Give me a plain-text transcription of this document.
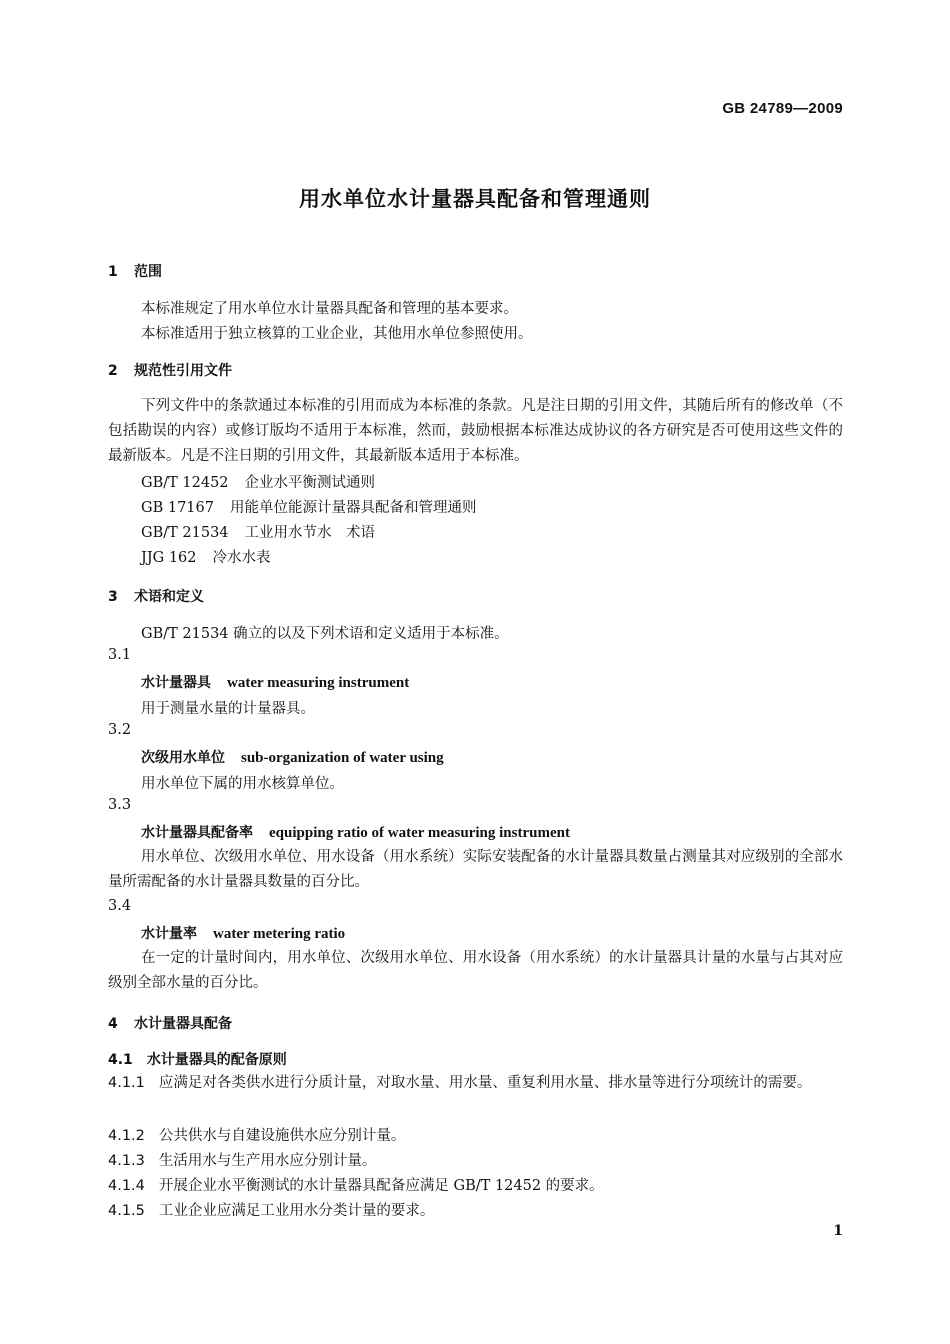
GB 24789—2009
用水单位水计量器具配备和管理通则
1 范围
本标准规定了用水单位水计量器具配备和管理的基本要求。
本标准适用于独立核算的工业企业，其他用水单位参照使用。
2 规范性引用文件
下列文件中的条款通过本标准的引用而成为本标准的条款。凡是注日期的引用文件，其随后所有的修改单（不包括勘误的内容）或修订版均不适用于本标准，然而，鼓励根据本标准达成协议的各方研究是否可使用这些文件的最新版本。凡是不注日期的引用文件，其最新版本适用于本标准。
GB/T 12452 企业水平衡测试通则
GB 17167 用能单位能源计量器具配备和管理通则
GB/T 21534 工业用水节水　术语
JJG 162 冷水水表
3 术语和定义
GB/T 21534 确立的以及下列术语和定义适用于本标准。
3.1
水计量器具 water measuring instrument
用于测量水量的计量器具。
3.2
次级用水单位 sub-organization of water using
用水单位下属的用水核算单位。
3.3
水计量器具配备率 equipping ratio of water measuring instrument
用水单位、次级用水单位、用水设备（用水系统）实际安装配备的水计量器具数量占测量其对应级别的全部水量所需配备的水计量器具数量的百分比。
3.4
水计量率 water metering ratio
在一定的计量时间内，用水单位、次级用水单位、用水设备（用水系统）的水计量器具计量的水量与占其对应级别全部水量的百分比。
4 水计量器具配备
4.1 水计量器具的配备原则
4.1.1 应满足对各类供水进行分质计量，对取水量、用水量、重复利用水量、排水量等进行分项统计的需要。
4.1.2 公共供水与自建设施供水应分别计量。
4.1.3 生活用水与生产用水应分别计量。
4.1.4 开展企业水平衡测试的水计量器具配备应满足 GB/T 12452 的要求。
4.1.5 工业企业应满足工业用水分类计量的要求。
1
